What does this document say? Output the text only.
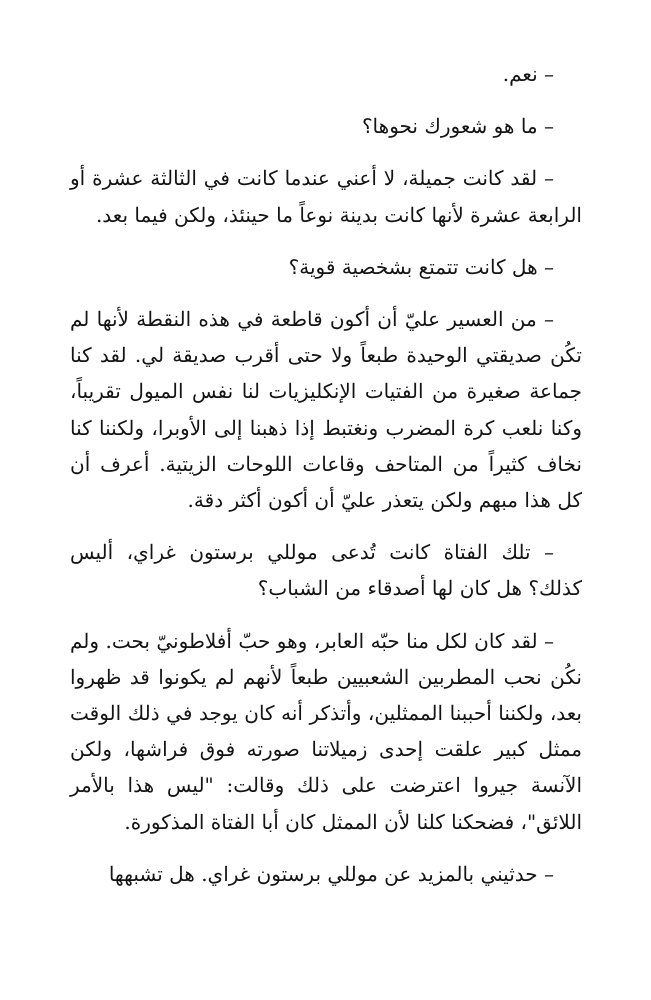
– نعم.

– ما هو شعورك نحوها؟

– لقد كانت جميلة، لا أعني عندما كانت في الثالثة عشرة أو الرابعة عشرة لأنها كانت بدينة نوعاً ما حينئذ، ولكن فيما بعد.

– هل كانت تتمتع بشخصية قوية؟

– من العسير عليّ أن أكون قاطعة في هذه النقطة لأنها لم تكُن صديقتي الوحيدة طبعاً ولا حتى أقرب صديقة لي. لقد كنا جماعة صغيرة من الفتيات الإنكليزيات لنا نفس الميول تقريباً، وكنا نلعب كرة المضرب ونغتبط إذا ذهبنا إلى الأوبرا، ولكننا كنا نخاف كثيراً من المتاحف وقاعات اللوحات الزيتية. أعرف أن كل هذا مبهم ولكن يتعذر عليّ أن أكون أكثر دقة.

– تلك الفتاة كانت تُدعى موللي برستون غراي، أليس كذلك؟ هل كان لها أصدقاء من الشباب؟

– لقد كان لكل منا حبّه العابر، وهو حبّ أفلاطونيّ بحت. ولم نكُن نحب المطربين الشعبيين طبعاً لأنهم لم يكونوا قد ظهروا بعد، ولكننا أحببنا الممثلين، وأتذكر أنه كان يوجد في ذلك الوقت ممثل كبير علقت إحدى زميلاتنا صورته فوق فراشها، ولكن الآنسة جيروا اعترضت على ذلك وقالت: "ليس هذا بالأمر اللائق"، فضحكنا كلنا لأن الممثل كان أبا الفتاة المذكورة.

– حدثيني بالمزيد عن موللي برستون غراي. هل تشبهها
